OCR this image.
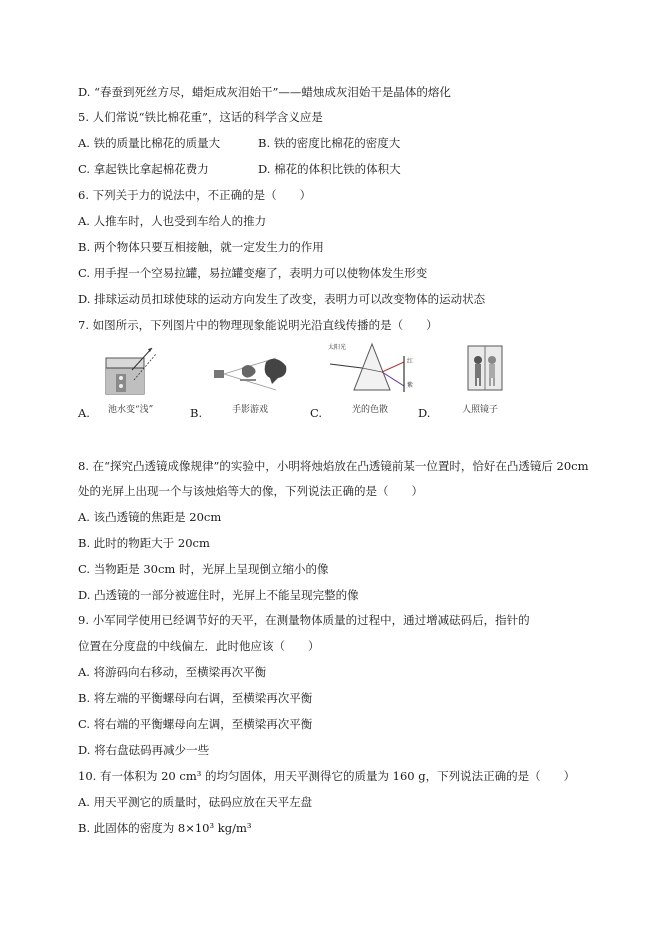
D. “春蚕到死丝方尽，蜡炬成灰泪始干”——蜡烛成灰泪始干是晶体的熔化
5. 人们常说“铁比棉花重”，这话的科学含义应是
A. 铁的质量比棉花的质量大	B. 铁的密度比棉花的密度大
C. 拿起铁比拿起棉花费力	D. 棉花的体积比铁的体积大
6. 下列关于力的说法中，不正确的是（　　）
A. 人推车时，人也受到车给人的推力
B. 两个物体只要互相接触，就一定发生力的作用
C. 用手捏一个空易拉罐，易拉罐变瘪了，表明力可以使物体发生形变
D. 排球运动员扣球使球的运动方向发生了改变，表明力可以改变物体的运动状态
7. 如图所示，下列图片中的物理现象能说明光沿直线传播的是（　　）
A. 池水变“浅”	B.	手影游戏	C.
太阳光
红
紫
光的色散	D.	人照镜子
8. 在“探究凸透镜成像规律”的实验中，小明将烛焰放在凸透镜前某一位置时，恰好在凸透镜后 20cm
处的光屏上出现一个与该烛焰等大的像，下列说法正确的是（　　）
A. 该凸透镜的焦距是 20cm
B. 此时的物距大于 20cm
C. 当物距是 30cm 时，光屏上呈现倒立缩小的像
D. 凸透镜的一部分被遮住时，光屏上不能呈现完整的像
9. 小军同学使用已经调节好的天平，在测量物体质量的过程中，通过增减砝码后，指针的
位置在分度盘的中线偏左．此时他应该（　　）
A. 将游码向右移动，至横梁再次平衡
B. 将左端的平衡螺母向右调，至横梁再次平衡
C. 将右端的平衡螺母向左调，至横梁再次平衡
D. 将右盘砝码再减少一些
10. 有一体积为 20 cm³ 的均匀固体，用天平测得它的质量为 160 g，下列说法正确的是（　　）
A. 用天平测它的质量时，砝码应放在天平左盘
B. 此固体的密度为 8×10³ kg/m³
